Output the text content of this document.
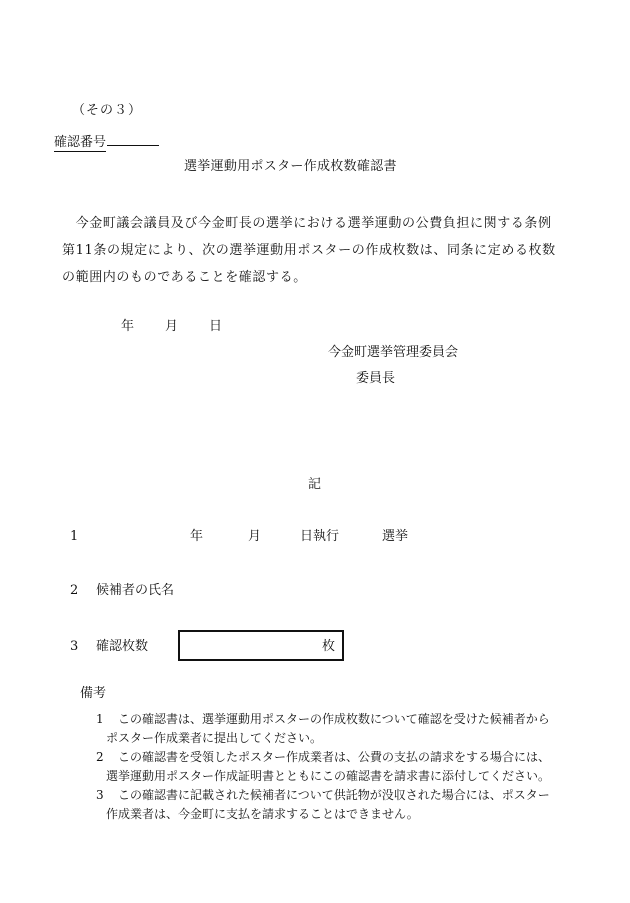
（その３）
確認番号
選挙運動用ポスター作成枚数確認書

　今金町議会議員及び今金町長の選挙における選挙運動の公費負担に関する条例

第11条の規定により、次の選挙運動用ポスターの作成枚数は、同条に定める枚数

の範囲内のものであることを確認する。

年 月 日
今金町選挙管理委員会
委員長
記
1	年	月	日執行	選挙
2 候補者の氏名
3 確認枚数	枚
備考
1	この確認書は、選挙運動用ポスターの作成枚数について確認を受けた候補者から
ポスター作成業者に提出してください。
2	この確認書を受領したポスター作成業者は、公費の支払の請求をする場合には、
選挙運動用ポスター作成証明書とともにこの確認書を請求書に添付してください。
3	この確認書に記載された候補者について供託物が没収された場合には、ポスター
作成業者は、今金町に支払を請求することはできません。
